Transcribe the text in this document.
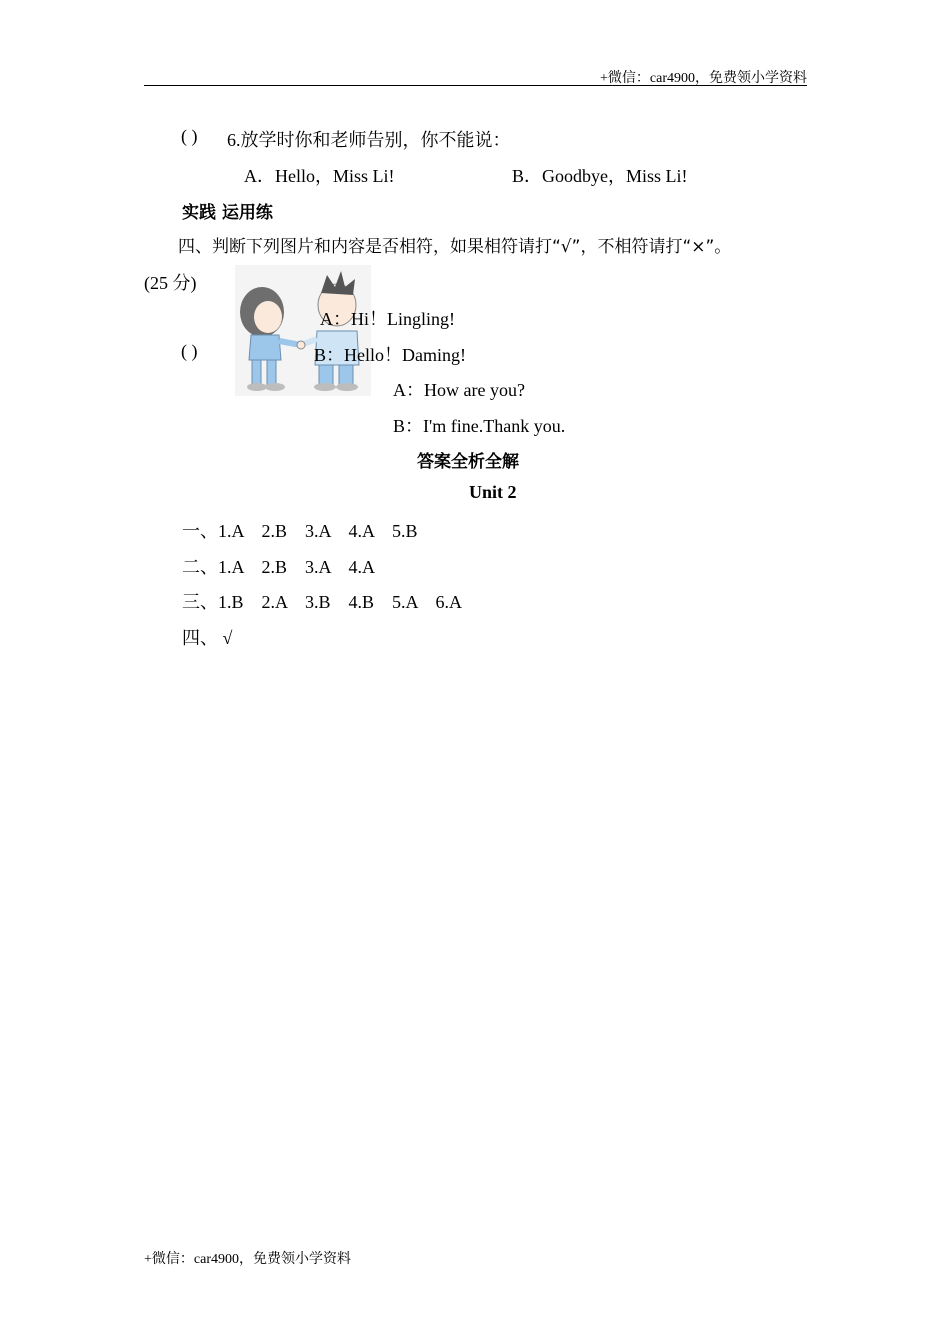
+微信：car4900，免费领小学资料
( ) 6.放学时你和老师告别，你不能说：
A．Hello，Miss Li!	B．Goodbye，Miss Li!
实践 运用练
四、判断下列图片和内容是否相符，如果相符请打“√”，不相符请打“×”。
(25 分)
A：Hi！Lingling!
( )	B：Hello！Daming!
A：How are you?
B：I'm fine.Thank you.
答案全析全解
Unit 2
一、1.A    2.B    3.A    4.A    5.B
二、1.A    2.B    3.A    4.A
三、1.B    2.A    3.B    4.B    5.A    6.A
四、 √
+微信：car4900，免费领小学资料
